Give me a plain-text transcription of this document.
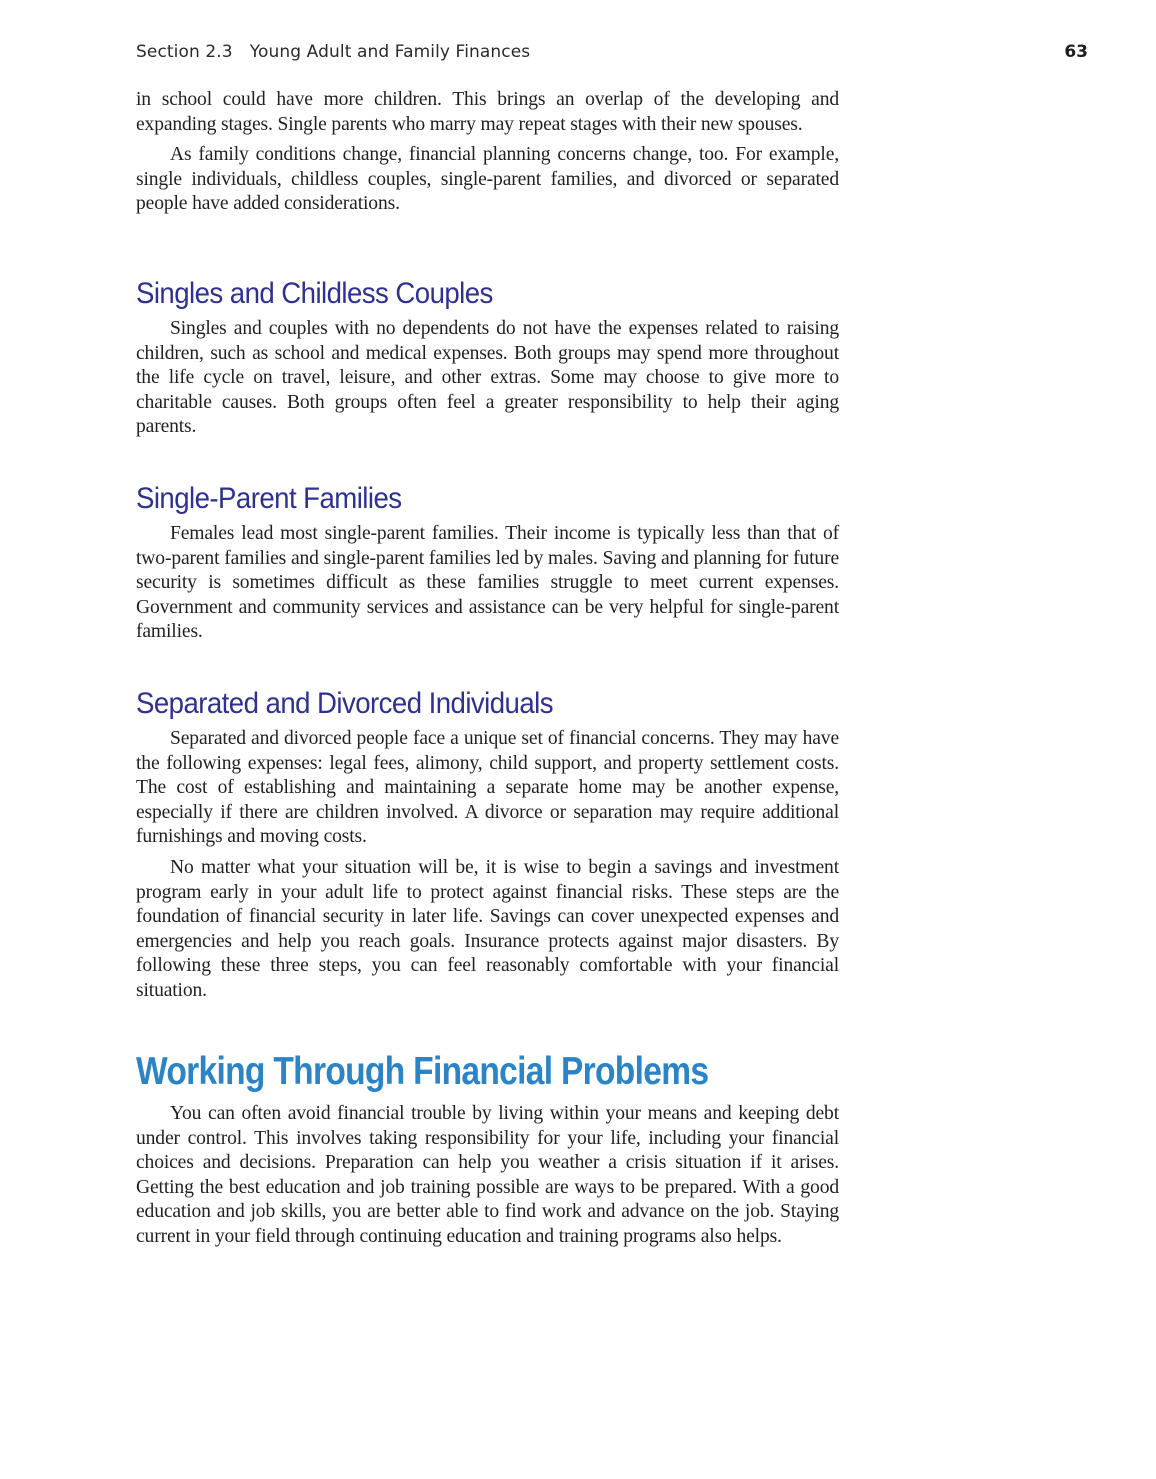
Section 2.3 Young Adult and Family Finances	63

in school could have more children. This brings an overlap of the developing and expanding stages. Single parents who marry may repeat stages with their new spouses.

As family conditions change, financial planning concerns change, too. For example, single individuals, childless couples, single-parent families, and divorced or separated people have added considerations.

Singles and Childless Couples

Singles and couples with no dependents do not have the expenses related to raising children, such as school and medical expenses. Both groups may spend more throughout the life cycle on travel, leisure, and other extras. Some may choose to give more to charitable causes. Both groups often feel a greater responsibility to help their aging parents.

Single-Parent Families

Females lead most single-parent families. Their income is typically less than that of two-parent families and single-parent families led by males. Saving and planning for future security is sometimes difficult as these families struggle to meet current expenses. Government and community services and assistance can be very helpful for single-parent families.

Separated and Divorced Individuals

Separated and divorced people face a unique set of financial concerns. They may have the following expenses: legal fees, alimony, child support, and property settlement costs. The cost of establishing and maintaining a separate home may be another expense, especially if there are children involved. A divorce or separation may require additional furnishings and moving costs.

No matter what your situation will be, it is wise to begin a savings and investment program early in your adult life to protect against financial risks. These steps are the foundation of financial security in later life. Savings can cover unexpected expenses and emergencies and help you reach goals. Insurance protects against major disasters. By following these three steps, you can feel reasonably comfortable with your financial situation.

Working Through Financial Problems

You can often avoid financial trouble by living within your means and keeping debt under control. This involves taking responsibility for your life, including your financial choices and decisions. Preparation can help you weather a crisis situation if it arises. Getting the best education and job training possible are ways to be prepared. With a good education and job skills, you are better able to find work and advance on the job. Staying current in your field through continuing education and training programs also helps.
